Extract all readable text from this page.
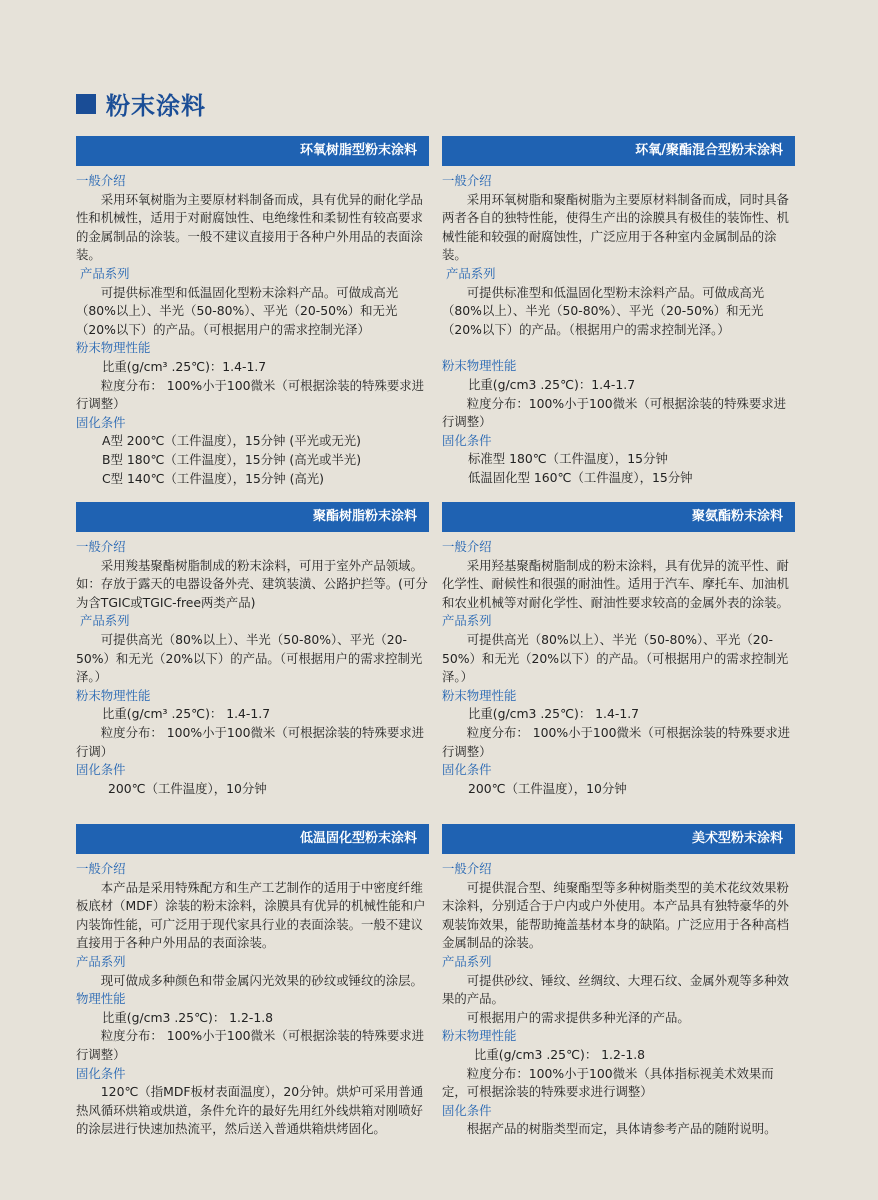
粉末涂料
环氧树脂型粉末涂料

一般介绍

采用环氧树脂为主要原材料制备而成，具有优异的耐化学品性和机械性，适用于对耐腐蚀性、电绝缘性和柔韧性有较高要求的金属制品的涂装。一般不建议直接用于各种户外用品的表面涂装。

产品系列

可提供标准型和低温固化型粉末涂料产品。可做成高光（80%以上）、半光（50-80%）、平光（20-50%）和无光（20%以下）的产品。（可根据用户的需求控制光泽）

粉末物理性能

比重(g/cm³ .25℃)：1.4-1.7

粒度分布： 100%小于100微米（可根据涂装的特殊要求进行调整）

固化条件

A型 200℃（工件温度），15分钟 (平光或无光)

B型 180℃（工件温度），15分钟 (高光或半光)

C型 140℃（工件温度），15分钟 (高光)

环氧/聚酯混合型粉末涂料

一般介绍

采用环氧树脂和聚酯树脂为主要原材料制备而成，同时具备两者各自的独特性能，使得生产出的涂膜具有极佳的装饰性、机械性能和较强的耐腐蚀性，广泛应用于各种室内金属制品的涂装。

产品系列

可提供标准型和低温固化型粉末涂料产品。可做成高光（80%以上）、半光（50-80%）、平光（20-50%）和无光（20%以下）的产品。（根据用户的需求控制光泽。）

粉末物理性能

比重(g/cm3 .25℃)：1.4-1.7

粒度分布：100%小于100微米（可根据涂装的特殊要求进行调整）

固化条件

标准型 180℃（工件温度），15分钟

低温固化型 160℃（工件温度），15分钟

聚酯树脂粉末涂料

一般介绍

采用羧基聚酯树脂制成的粉末涂料，可用于室外产品领域。如：存放于露天的电器设备外壳、建筑装潢、公路护拦等。(可分为含TGIC或TGIC-free两类产品)

产品系列

可提供高光（80%以上）、半光（50-80%）、平光（20-50%）和无光（20%以下）的产品。（可根据用户的需求控制光泽。）

粉末物理性能

比重(g/cm³ .25℃)： 1.4-1.7

粒度分布： 100%小于100微米（可根据涂装的特殊要求进行调）

固化条件

200℃（工件温度），10分钟

聚氨酯粉末涂料

一般介绍

采用羟基聚酯树脂制成的粉末涂料，具有优异的流平性、耐化学性、耐候性和很强的耐油性。适用于汽车、摩托车、加油机和农业机械等对耐化学性、耐油性要求较高的金属外表的涂装。

产品系列

可提供高光（80%以上）、半光（50-80%）、平光（20-50%）和无光（20%以下）的产品。（可根据用户的需求控制光泽。）

粉末物理性能

比重(g/cm3 .25℃)： 1.4-1.7

粒度分布： 100%小于100微米（可根据涂装的特殊要求进行调整）

固化条件

200℃（工件温度），10分钟

低温固化型粉末涂料

一般介绍

本产品是采用特殊配方和生产工艺制作的适用于中密度纤维板底材（MDF）涂装的粉末涂料，涂膜具有优异的机械性能和户内装饰性能，可广泛用于现代家具行业的表面涂装。一般不建议直接用于各种户外用品的表面涂装。

产品系列

现可做成多种颜色和带金属闪光效果的砂纹或锤纹的涂层。

物理性能

比重(g/cm3 .25℃)： 1.2-1.8

粒度分布： 100%小于100微米（可根据涂装的特殊要求进行调整）

固化条件

120℃（指MDF板材表面温度），20分钟。烘炉可采用普通热风循环烘箱或烘道，条件允许的最好先用红外线烘箱对刚喷好的涂层进行快速加热流平，然后送入普通烘箱烘烤固化。

美术型粉末涂料

一般介绍

可提供混合型、纯聚酯型等多种树脂类型的美术花纹效果粉末涂料，分别适合于户内或户外使用。本产品具有独特豪华的外观装饰效果，能帮助掩盖基材本身的缺陷。广泛应用于各种高档金属制品的涂装。

产品系列

可提供砂纹、锤纹、丝绸纹、大理石纹、金属外观等多种效果的产品。

可根据用户的需求提供多种光泽的产品。

粉末物理性能

比重(g/cm3 .25℃)： 1.2-1.8

粒度分布：100%小于100微米（具体指标视美术效果而定，可根据涂装的特殊要求进行调整）

固化条件

根据产品的树脂类型而定，具体请参考产品的随附说明。
